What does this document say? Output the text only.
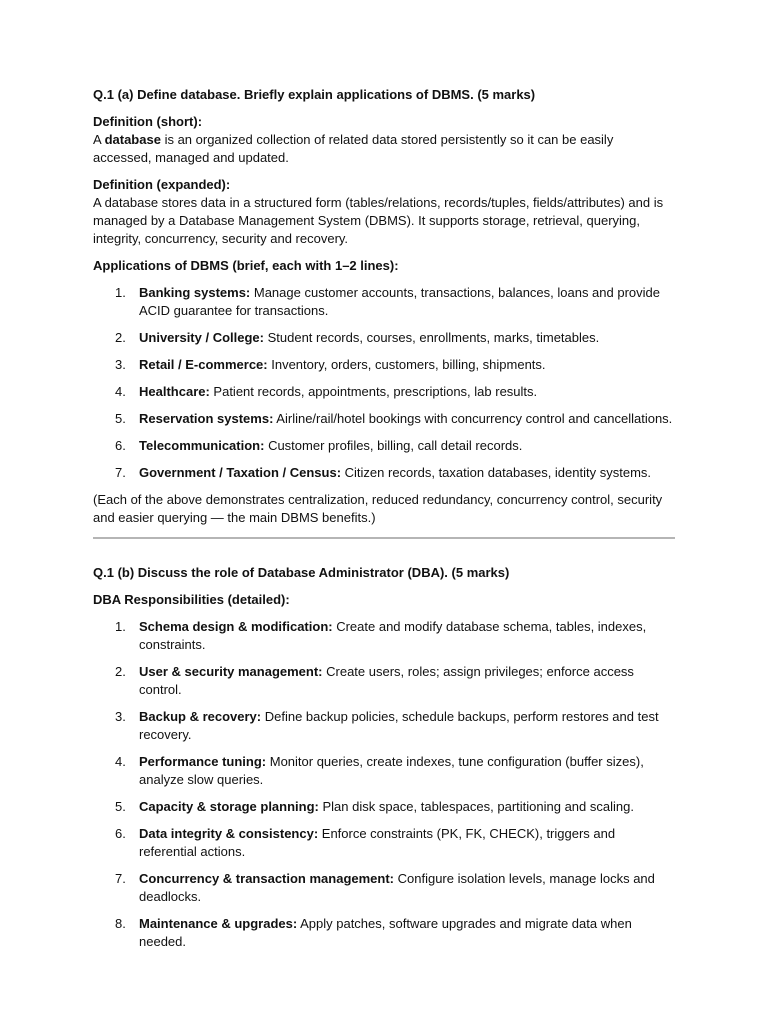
Q.1 (a) Define database. Briefly explain applications of DBMS. (5 marks)
Definition (short):
A database is an organized collection of related data stored persistently so it can be easily accessed, managed and updated.
Definition (expanded):
A database stores data in a structured form (tables/relations, records/tuples, fields/attributes) and is managed by a Database Management System (DBMS). It supports storage, retrieval, querying, integrity, concurrency, security and recovery.
Applications of DBMS (brief, each with 1–2 lines):
1. Banking systems: Manage customer accounts, transactions, balances, loans and provide ACID guarantee for transactions.
2. University / College: Student records, courses, enrollments, marks, timetables.
3. Retail / E-commerce: Inventory, orders, customers, billing, shipments.
4. Healthcare: Patient records, appointments, prescriptions, lab results.
5. Reservation systems: Airline/rail/hotel bookings with concurrency control and cancellations.
6. Telecommunication: Customer profiles, billing, call detail records.
7. Government / Taxation / Census: Citizen records, taxation databases, identity systems.
(Each of the above demonstrates centralization, reduced redundancy, concurrency control, security and easier querying — the main DBMS benefits.)
Q.1 (b) Discuss the role of Database Administrator (DBA). (5 marks)
DBA Responsibilities (detailed):
1. Schema design & modification: Create and modify database schema, tables, indexes, constraints.
2. User & security management: Create users, roles; assign privileges; enforce access control.
3. Backup & recovery: Define backup policies, schedule backups, perform restores and test recovery.
4. Performance tuning: Monitor queries, create indexes, tune configuration (buffer sizes), analyze slow queries.
5. Capacity & storage planning: Plan disk space, tablespaces, partitioning and scaling.
6. Data integrity & consistency: Enforce constraints (PK, FK, CHECK), triggers and referential actions.
7. Concurrency & transaction management: Configure isolation levels, manage locks and deadlocks.
8. Maintenance & upgrades: Apply patches, software upgrades and migrate data when needed.
